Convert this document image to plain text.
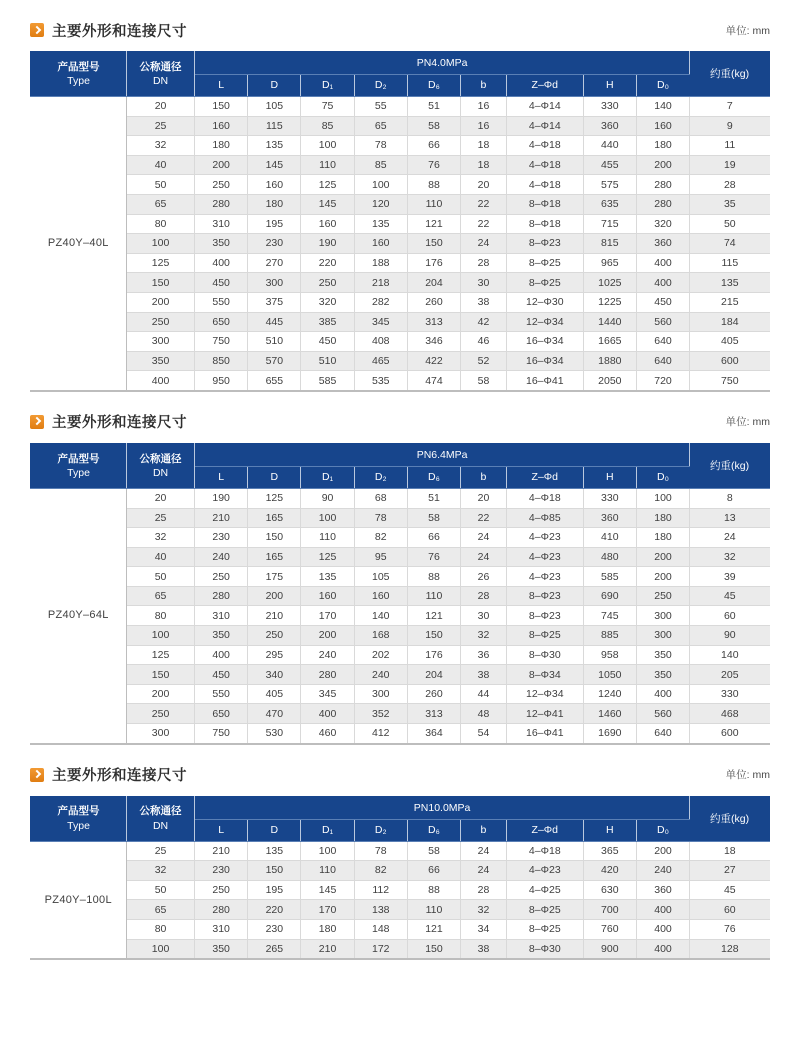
主要外形和连接尺寸	单位: mm
产品型号
Type	公称通径
DN	PN4.0MPa									约重(kg)
		L	D	D₁	D₂	D₆	b	Z–Φd	H	D₀	
PZ40Y–40L	20	150	105	75	55	51	16	4–Φ14	330	140	7
	25	160	115	85	65	58	16	4–Φ14	360	160	9
	32	180	135	100	78	66	18	4–Φ18	440	180	11
	40	200	145	110	85	76	18	4–Φ18	455	200	19
	50	250	160	125	100	88	20	4–Φ18	575	280	28
	65	280	180	145	120	110	22	8–Φ18	635	280	35
	80	310	195	160	135	121	22	8–Φ18	715	320	50
	100	350	230	190	160	150	24	8–Φ23	815	360	74
	125	400	270	220	188	176	28	8–Φ25	965	400	115
	150	450	300	250	218	204	30	8–Φ25	1025	400	135
	200	550	375	320	282	260	38	12–Φ30	1225	450	215
	250	650	445	385	345	313	42	12–Φ34	1440	560	184
	300	750	510	450	408	346	46	16–Φ34	1665	640	405
	350	850	570	510	465	422	52	16–Φ34	1880	640	600
	400	950	655	585	535	474	58	16–Φ41	2050	720	750
主要外形和连接尺寸	单位: mm
产品型号
Type	公称通径
DN	PN6.4MPa									约重(kg)
		L	D	D₁	D₂	D₆	b	Z–Φd	H	D₀	
PZ40Y–64L	20	190	125	90	68	51	20	4–Φ18	330	100	8
	25	210	165	100	78	58	22	4–Φ85	360	180	13
	32	230	150	110	82	66	24	4–Φ23	410	180	24
	40	240	165	125	95	76	24	4–Φ23	480	200	32
	50	250	175	135	105	88	26	4–Φ23	585	200	39
	65	280	200	160	160	110	28	8–Φ23	690	250	45
	80	310	210	170	140	121	30	8–Φ23	745	300	60
	100	350	250	200	168	150	32	8–Φ25	885	300	90
	125	400	295	240	202	176	36	8–Φ30	958	350	140
	150	450	340	280	240	204	38	8–Φ34	1050	350	205
	200	550	405	345	300	260	44	12–Φ34	1240	400	330
	250	650	470	400	352	313	48	12–Φ41	1460	560	468
	300	750	530	460	412	364	54	16–Φ41	1690	640	600
主要外形和连接尺寸	单位: mm
产品型号
Type	公称通径
DN	PN10.0MPa									约重(kg)
		L	D	D₁	D₂	D₆	b	Z–Φd	H	D₀	
PZ40Y–100L	25	210	135	100	78	58	24	4–Φ18	365	200	18
	32	230	150	110	82	66	24	4–Φ23	420	240	27
	50	250	195	145	112	88	28	4–Φ25	630	360	45
	65	280	220	170	138	110	32	8–Φ25	700	400	60
	80	310	230	180	148	121	34	8–Φ25	760	400	76
	100	350	265	210	172	150	38	8–Φ30	900	400	128
